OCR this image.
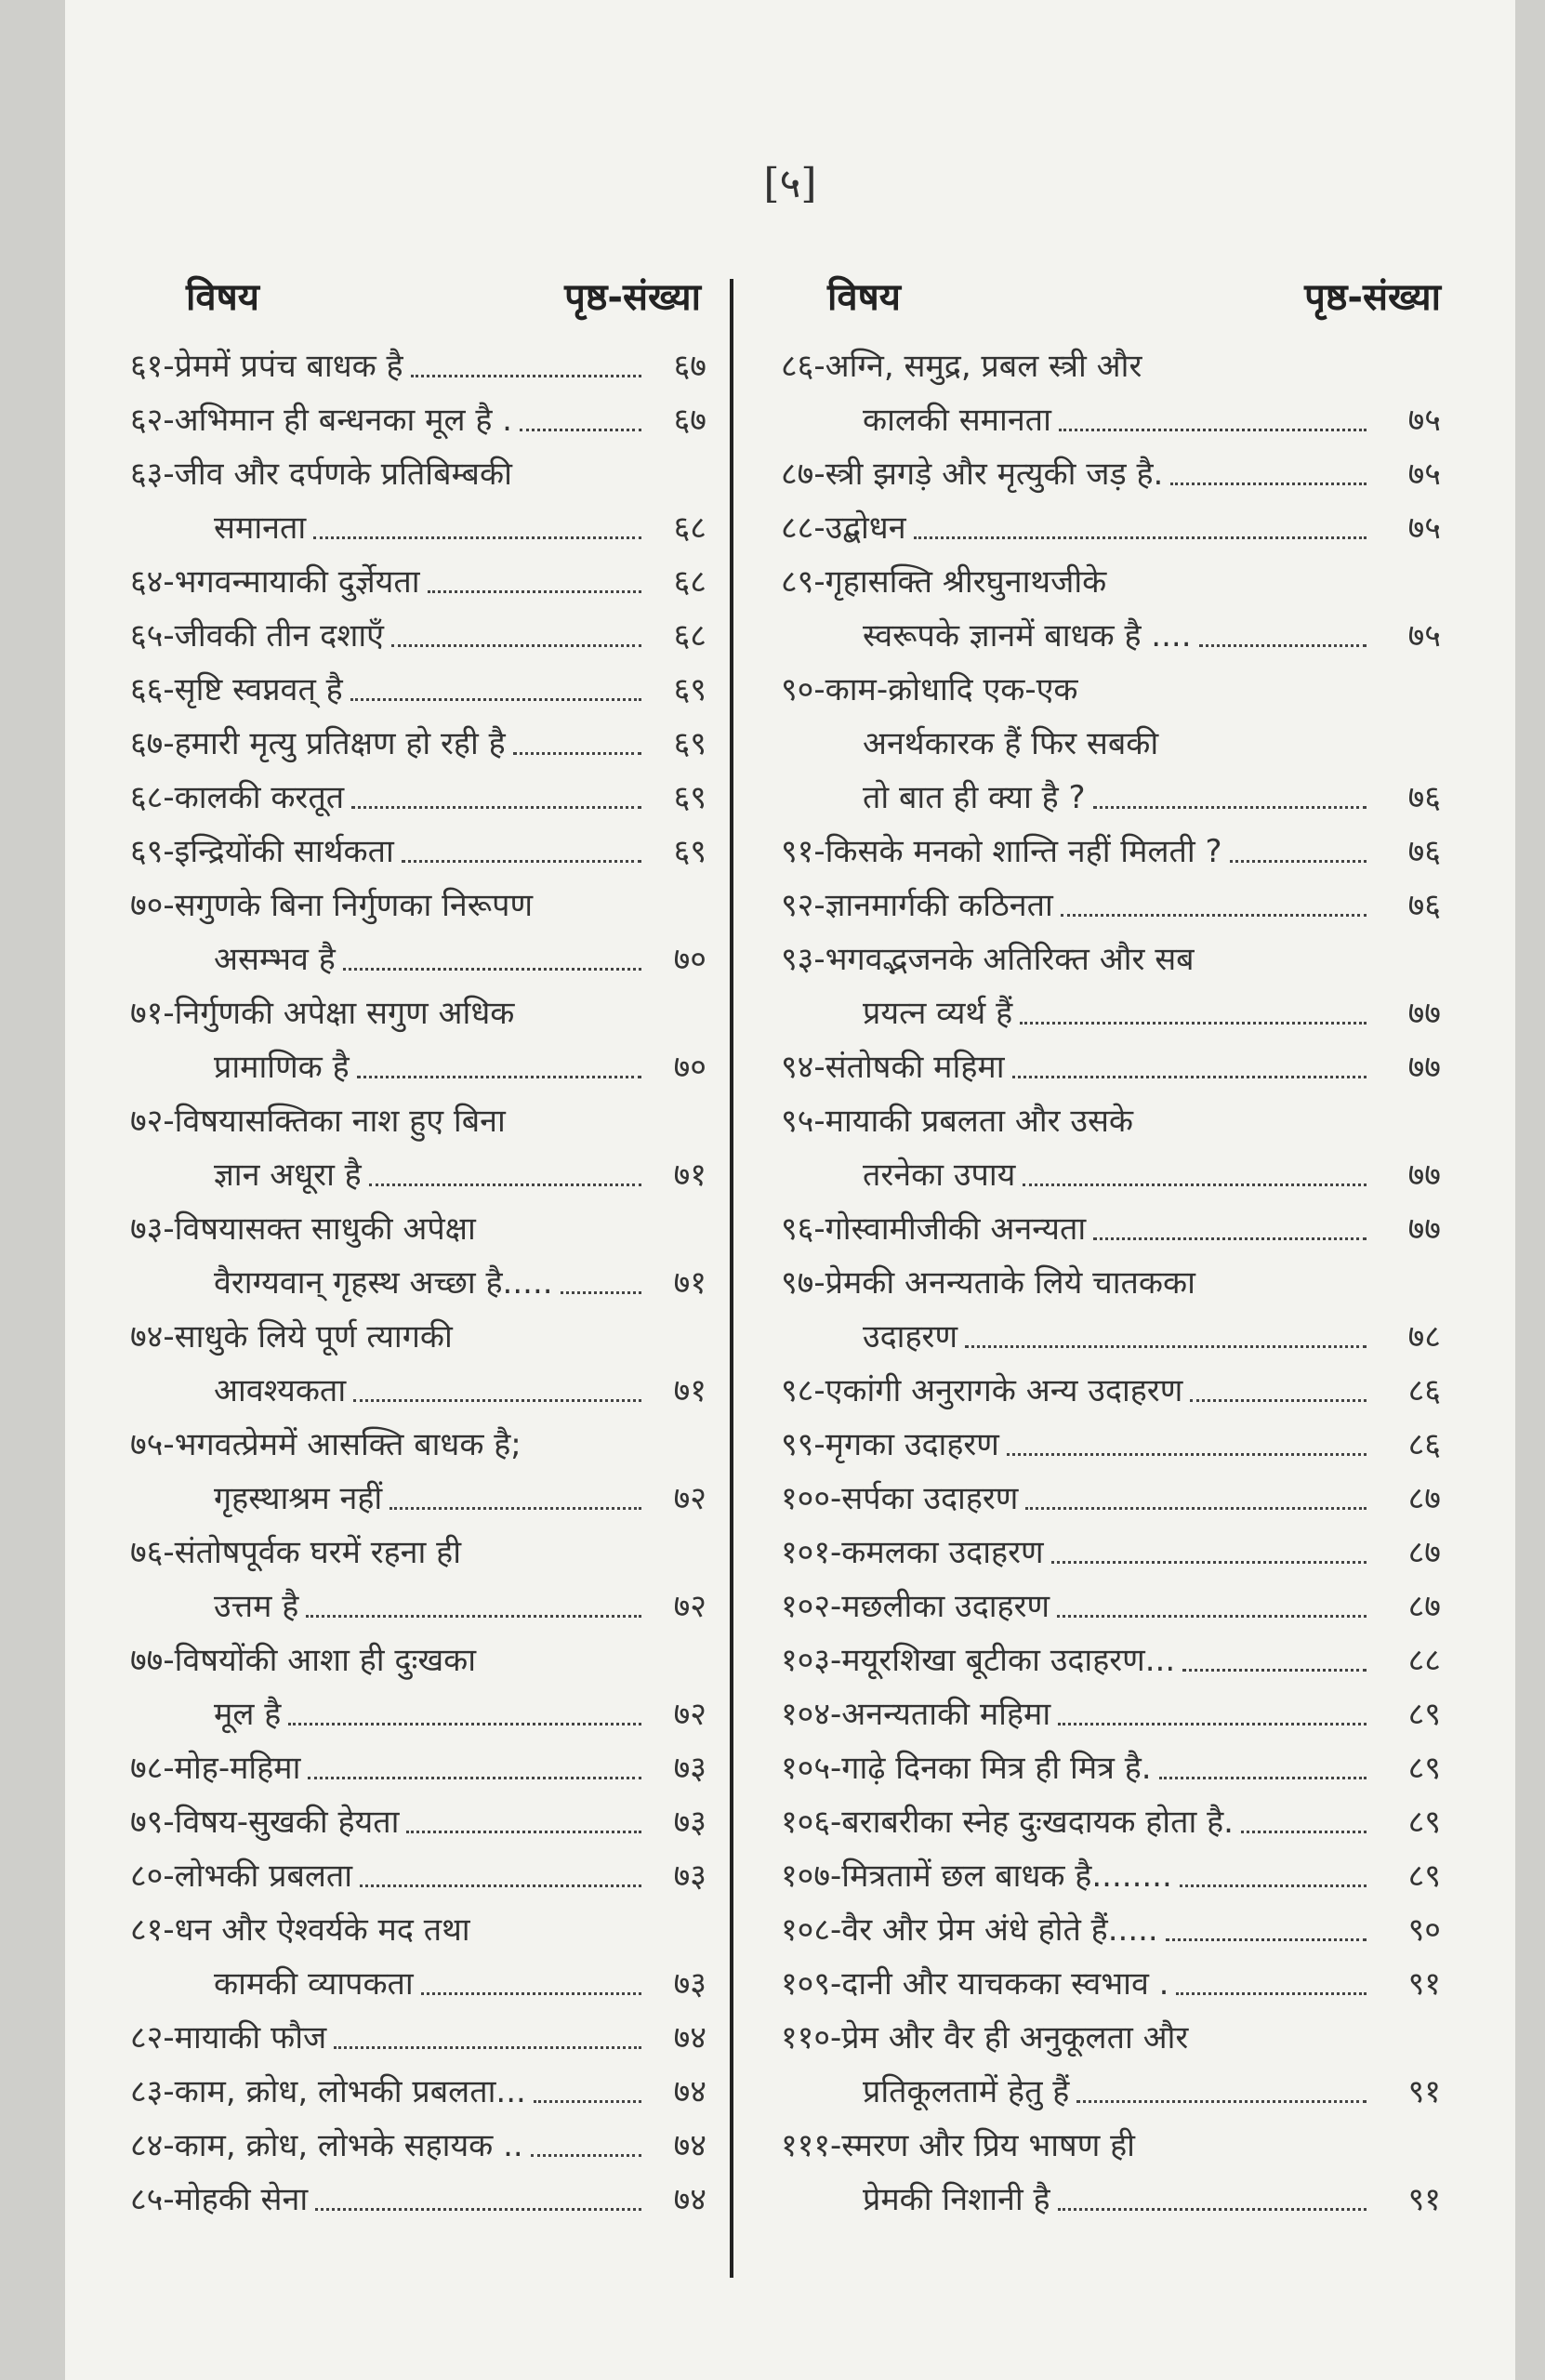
[५]
विषय	पृष्ठ-संख्या
६१-प्रेममें प्रपंच बाधक है	६७
६२-अभिमान ही बन्धनका मूल है .	६७
६३-जीव और दर्पणके प्रतिबिम्बकी
समानता	६८
६४-भगवन्मायाकी दुर्ज्ञेयता	६८
६५-जीवकी तीन दशाएँ	६८
६६-सृष्टि स्वप्नवत् है	६९
६७-हमारी मृत्यु प्रतिक्षण हो रही है	६९
६८-कालकी करतूत	६९
६९-इन्द्रियोंकी सार्थकता	६९
७०-सगुणके बिना निर्गुणका निरूपण
असम्भव है	७०
७१-निर्गुणकी अपेक्षा सगुण अधिक
प्रामाणिक है	७०
७२-विषयासक्तिका नाश हुए बिना
ज्ञान अधूरा है	७१
७३-विषयासक्त साधुकी अपेक्षा
वैराग्यवान् गृहस्थ अच्छा है.....	७१
७४-साधुके लिये पूर्ण त्यागकी
आवश्यकता	७१
७५-भगवत्प्रेममें आसक्ति बाधक है;
गृहस्थाश्रम नहीं	७२
७६-संतोषपूर्वक घरमें रहना ही
उत्तम है	७२
७७-विषयोंकी आशा ही दुःखका
मूल है	७२
७८-मोह-महिमा	७३
७९-विषय-सुखकी हेयता	७३
८०-लोभकी प्रबलता	७३
८१-धन और ऐश्वर्यके मद तथा
कामकी व्यापकता	७३
८२-मायाकी फौज	७४
८३-काम, क्रोध, लोभकी प्रबलता...	७४
८४-काम, क्रोध, लोभके सहायक ..	७४
८५-मोहकी सेना	७४
विषय	पृष्ठ-संख्या
८६-अग्नि, समुद्र, प्रबल स्त्री और
कालकी समानता	७५
८७-स्त्री झगड़े और मृत्युकी जड़ है.	७५
८८-उद्बोधन	७५
८९-गृहासक्ति श्रीरघुनाथजीके
स्वरूपके ज्ञानमें बाधक है ....	७५
९०-काम-क्रोधादि एक-एक
अनर्थकारक हैं फिर सबकी
तो बात ही क्या है ?	७६
९१-किसके मनको शान्ति नहीं मिलती ?	७६
९२-ज्ञानमार्गकी कठिनता	७६
९३-भगवद्भजनके अतिरिक्त और सब
प्रयत्न व्यर्थ हैं	७७
९४-संतोषकी महिमा	७७
९५-मायाकी प्रबलता और उसके
तरनेका उपाय	७७
९६-गोस्वामीजीकी अनन्यता	७७
९७-प्रेमकी अनन्यताके लिये चातकका
उदाहरण	७८
९८-एकांगी अनुरागके अन्य उदाहरण	८६
९९-मृगका उदाहरण	८६
१००-सर्पका उदाहरण	८७
१०१-कमलका उदाहरण	८७
१०२-मछलीका उदाहरण	८७
१०३-मयूरशिखा बूटीका उदाहरण...	८८
१०४-अनन्यताकी महिमा	८९
१०५-गाढ़े दिनका मित्र ही मित्र है.	८९
१०६-बराबरीका स्नेह दुःखदायक होता है.	८९
१०७-मित्रतामें छल बाधक है........	८९
१०८-वैर और प्रेम अंधे होते हैं.....	९०
१०९-दानी और याचकका स्वभाव .	९१
११०-प्रेम और वैर ही अनुकूलता और
प्रतिकूलतामें हेतु हैं	९१
१११-स्मरण और प्रिय भाषण ही
प्रेमकी निशानी है	९१
